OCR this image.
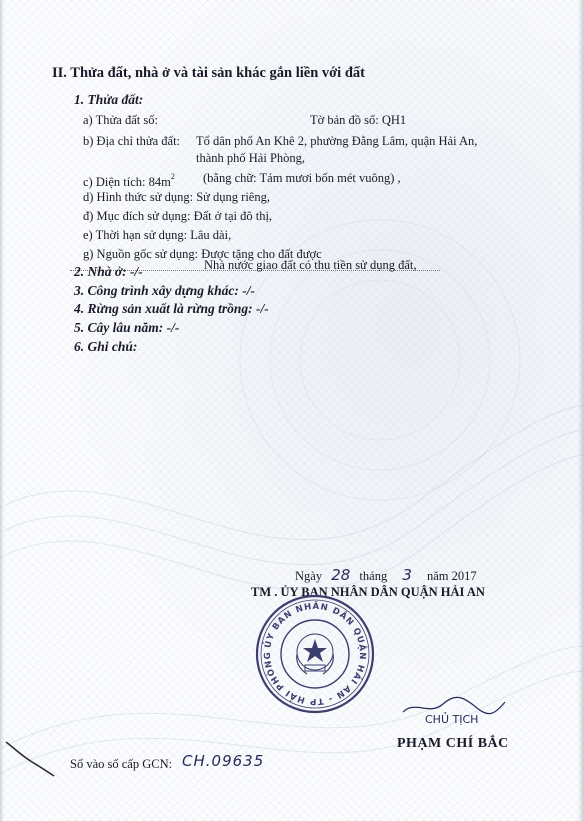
II. Thửa đất, nhà ở và tài sản khác gắn liền với đất
1. Thửa đất:
a) Thửa đất số:	Tờ bản đồ số: QH1
b) Địa chỉ thửa đất: Tổ dân phố An Khê 2, phường Đằng Lâm, quận Hải An,
thành phố Hải Phòng,
c) Diện tích: $84m^2$ (bằng chữ: Tám mươi bốn mét vuông) ,
d) Hình thức sử dụng: Sử dụng riêng,
đ) Mục đích sử dụng: Đất ở tại đô thị,
e) Thời hạn sử dụng: Lâu dài,
g) Nguồn gốc sử dụng: Được tặng cho đất được
Nhà nước giao đất có thu tiền sử dụng đất,
2. Nhà ở: -/-
3. Công trình xây dựng khác: -/-
4. Rừng sản xuất là rừng trồng: -/-
5. Cây lâu năm: -/-
6. Ghi chú:
Ngày 28 tháng 3 năm 2017
TM . ỦY BAN NHÂN DÂN QUẬN HẢI AN
ỦY BAN NHÂN DÂN QUẬN HẢI AN - TP HẢI PHÒNG
CHỦ TỊCH
PHẠM CHÍ BẮC
Số vào số cấp GCN: CH.09635
